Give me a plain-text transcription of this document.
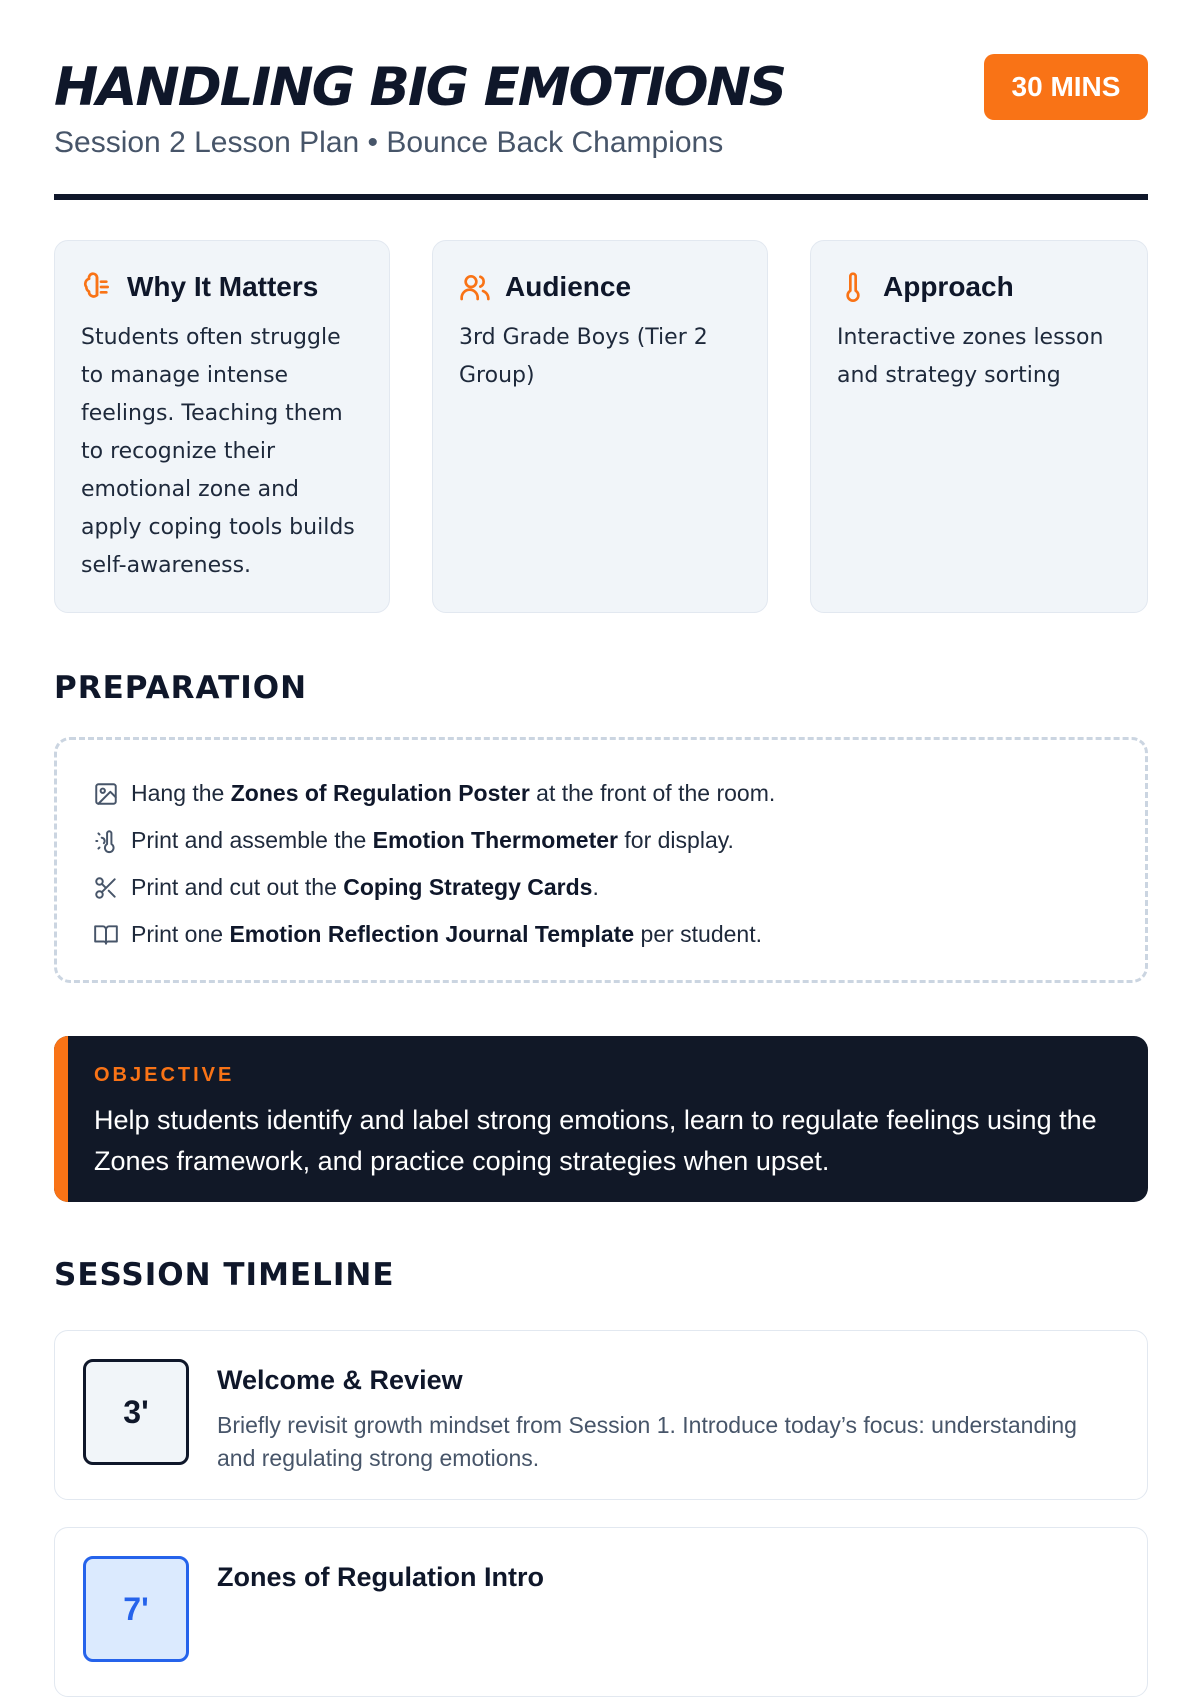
HANDLING BIG EMOTIONS
Session 2 Lesson Plan • Bounce Back Champions
30 MINS
Why It Matters
Students often struggle to manage intense feelings. Teaching them to recognize their emotional zone and apply coping tools builds self-awareness.
Audience
3rd Grade Boys (Tier 2 Group)
Approach
Interactive zones lesson and strategy sorting
PREPARATION
Hang the Zones of Regulation Poster at the front of the room.
Print and assemble the Emotion Thermometer for display.
Print and cut out the Coping Strategy Cards.
Print one Emotion Reflection Journal Template per student.
OBJECTIVE
Help students identify and label strong emotions, learn to regulate feelings using the Zones framework, and practice coping strategies when upset.
SESSION TIMELINE
3'
Welcome & Review
Briefly revisit growth mindset from Session 1. Introduce today’s focus: understanding and regulating strong emotions.
7'
Zones of Regulation Intro
